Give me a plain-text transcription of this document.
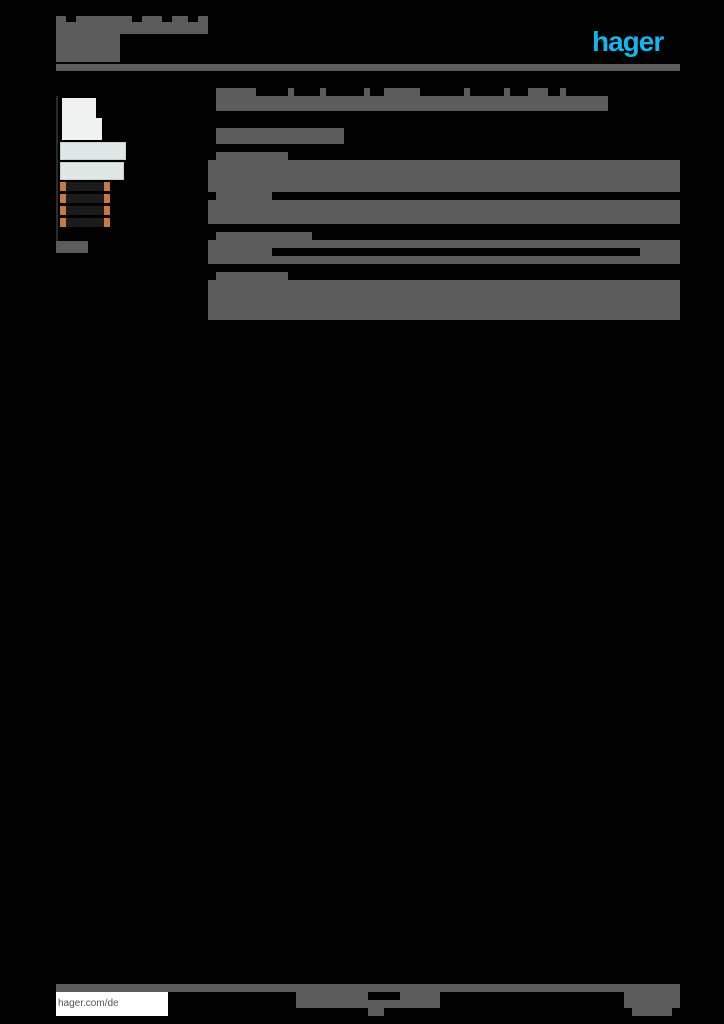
hager
hager.com/de
